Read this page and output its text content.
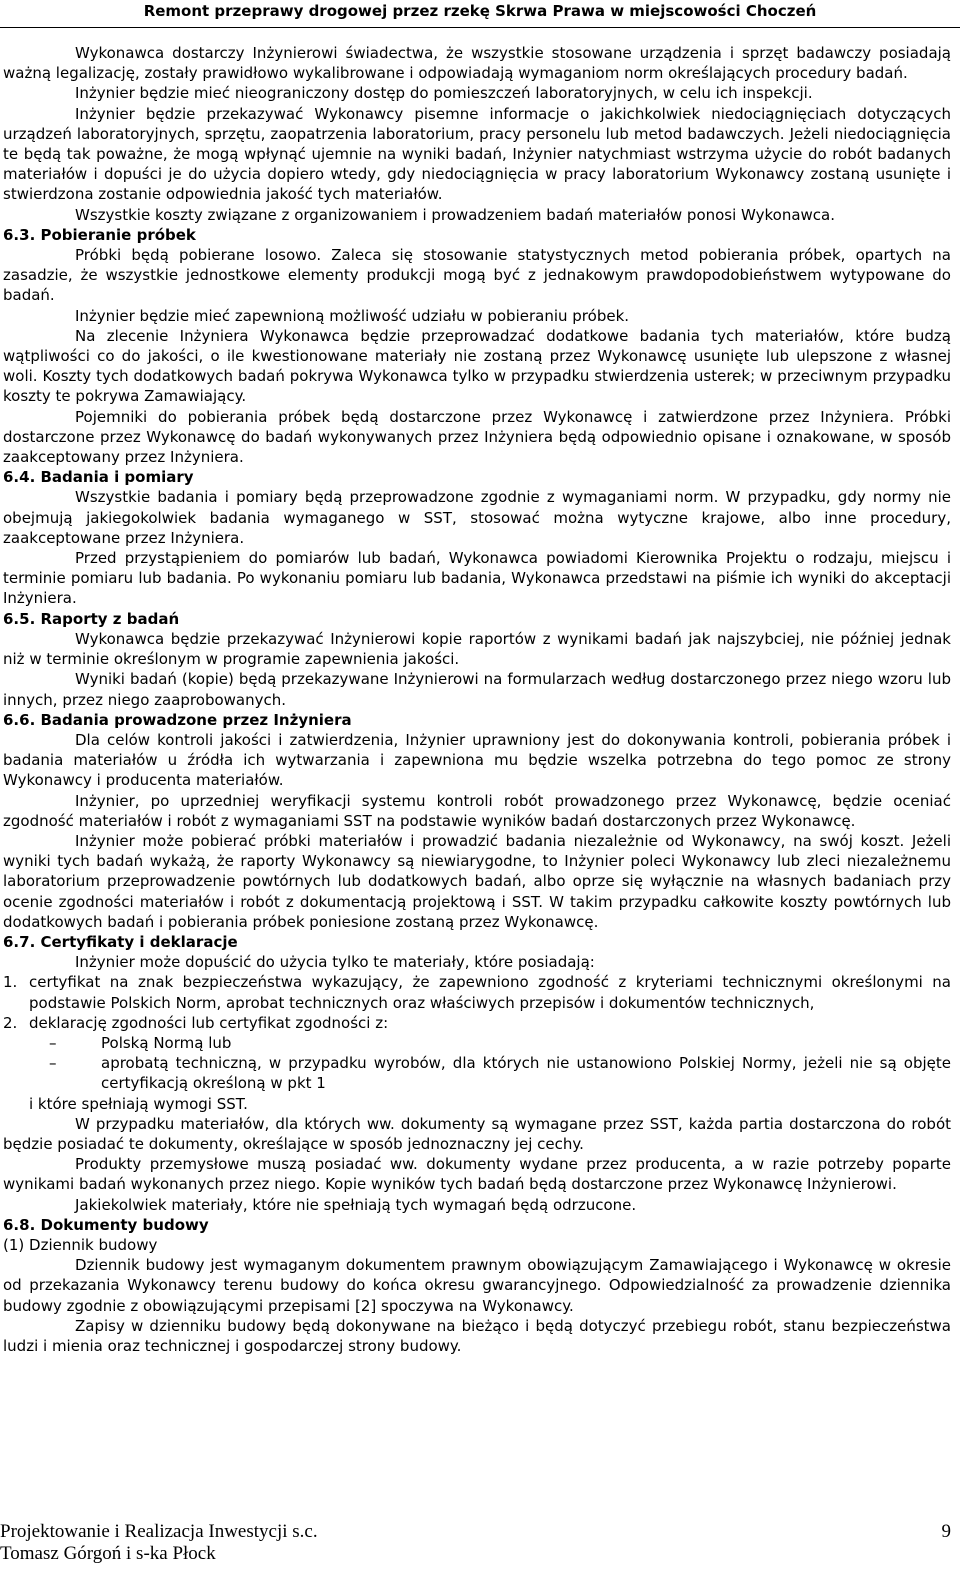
Remont przeprawy drogowej przez rzekę Skrwa Prawa w miejscowości Choczeń

Wykonawca dostarczy Inżynierowi świadectwa, że wszystkie stosowane urządzenia i sprzęt badawczy posiadają ważną legalizację, zostały prawidłowo wykalibrowane i odpowiadają wymaganiom norm określających procedury badań.

Inżynier będzie mieć nieograniczony dostęp do pomieszczeń laboratoryjnych, w celu ich inspekcji.

Inżynier będzie przekazywać Wykonawcy pisemne informacje o jakichkolwiek niedociągnięciach dotyczących urządzeń laboratoryjnych, sprzętu, zaopatrzenia laboratorium, pracy personelu lub metod badawczych. Jeżeli niedociągnięcia te będą tak poważne, że mogą wpłynąć ujemnie na wyniki badań, Inżynier natychmiast wstrzyma użycie do robót badanych materiałów i dopuści je do użycia dopiero wtedy, gdy niedociągnięcia w pracy laboratorium Wykonawcy zostaną usunięte i stwierdzona zostanie odpowiednia jakość tych materiałów.

Wszystkie koszty związane z organizowaniem i prowadzeniem badań materiałów ponosi Wykonawca.

6.3. Pobieranie próbek

Próbki będą pobierane losowo. Zaleca się stosowanie statystycznych metod pobierania próbek, opartych na zasadzie, że wszystkie jednostkowe elementy produkcji mogą być z jednakowym prawdopodobieństwem wytypowane do badań.

Inżynier będzie mieć zapewnioną możliwość udziału w pobieraniu próbek.

Na zlecenie Inżyniera Wykonawca będzie przeprowadzać dodatkowe badania tych materiałów, które budzą wątpliwości co do jakości, o ile kwestionowane materiały nie zostaną przez Wykonawcę usunięte lub ulepszone z własnej woli. Koszty tych dodatkowych badań pokrywa Wykonawca tylko w przypadku stwierdzenia usterek; w przeciwnym przypadku koszty te pokrywa Zamawiający.

Pojemniki do pobierania próbek będą dostarczone przez Wykonawcę i zatwierdzone przez Inżyniera. Próbki dostarczone przez Wykonawcę do badań wykonywanych przez Inżyniera będą odpowiednio opisane i oznakowane, w sposób zaakceptowany przez Inżyniera.

6.4. Badania i pomiary

Wszystkie badania i pomiary będą przeprowadzone zgodnie z wymaganiami norm. W przypadku, gdy normy nie obejmują jakiegokolwiek badania wymaganego w SST, stosować można wytyczne krajowe, albo inne procedury, zaakceptowane przez Inżyniera.

Przed przystąpieniem do pomiarów lub badań, Wykonawca powiadomi Kierownika Projektu o rodzaju, miejscu i terminie pomiaru lub badania. Po wykonaniu pomiaru lub badania, Wykonawca przedstawi na piśmie ich wyniki do akceptacji Inżyniera.

6.5. Raporty z badań

Wykonawca będzie przekazywać Inżynierowi kopie raportów z wynikami badań jak najszybciej, nie później jednak niż w terminie określonym w programie zapewnienia jakości.

Wyniki badań (kopie) będą przekazywane Inżynierowi na formularzach według dostarczonego przez niego wzoru lub innych, przez niego zaaprobowanych.

6.6. Badania prowadzone przez Inżyniera

Dla celów kontroli jakości i zatwierdzenia, Inżynier uprawniony jest do dokonywania kontroli, pobierania próbek i badania materiałów u źródła ich wytwarzania i zapewniona mu będzie wszelka potrzebna do tego pomoc ze strony Wykonawcy i producenta materiałów.

Inżynier, po uprzedniej weryfikacji systemu kontroli robót prowadzonego przez Wykonawcę, będzie oceniać zgodność materiałów i robót z wymaganiami SST na podstawie wyników badań dostarczonych przez Wykonawcę.

Inżynier może pobierać próbki materiałów i prowadzić badania niezależnie od Wykonawcy, na swój koszt. Jeżeli wyniki tych badań wykażą, że raporty Wykonawcy są niewiarygodne, to Inżynier poleci Wykonawcy lub zleci niezależnemu laboratorium przeprowadzenie powtórnych lub dodatkowych badań, albo oprze się wyłącznie na własnych badaniach przy ocenie zgodności materiałów i robót z dokumentacją projektową i SST. W takim przypadku całkowite koszty powtórnych lub dodatkowych badań i pobierania próbek poniesione zostaną przez Wykonawcę.

6.7. Certyfikaty i deklaracje

Inżynier może dopuścić do użycia tylko te materiały, które posiadają:

1. certyfikat na znak bezpieczeństwa wykazujący, że zapewniono zgodność z kryteriami technicznymi określonymi na podstawie Polskich Norm, aprobat technicznych oraz właściwych przepisów i dokumentów technicznych,
2. deklarację zgodności lub certyfikat zgodności z:
–	Polską Normą lub
–	aprobatą techniczną, w przypadku wyrobów, dla których nie ustanowiono Polskiej Normy, jeżeli nie są objęte certyfikacją określoną w pkt 1

i które spełniają wymogi SST.

W przypadku materiałów, dla których ww. dokumenty są wymagane przez SST, każda partia dostarczona do robót będzie posiadać te dokumenty, określające w sposób jednoznaczny jej cechy.

Produkty przemysłowe muszą posiadać ww. dokumenty wydane przez producenta, a w razie potrzeby poparte wynikami badań wykonanych przez niego. Kopie wyników tych badań będą dostarczone przez Wykonawcę Inżynierowi.

Jakiekolwiek materiały, które nie spełniają tych wymagań będą odrzucone.

6.8. Dokumenty budowy

(1) Dziennik budowy

Dziennik budowy jest wymaganym dokumentem prawnym obowiązującym Zamawiającego i Wykonawcę w okresie od przekazania Wykonawcy terenu budowy do końca okresu gwarancyjnego. Odpowiedzialność za prowadzenie dziennika budowy zgodnie z obowiązującymi przepisami [2] spoczywa na Wykonawcy.

Zapisy w dzienniku budowy będą dokonywane na bieżąco i będą dotyczyć przebiegu robót, stanu bezpieczeństwa ludzi i mienia oraz technicznej i gospodarczej strony budowy.

Projektowanie i Realizacja Inwestycji s.c.
Tomasz Górgoń i s-ka Płock
9
